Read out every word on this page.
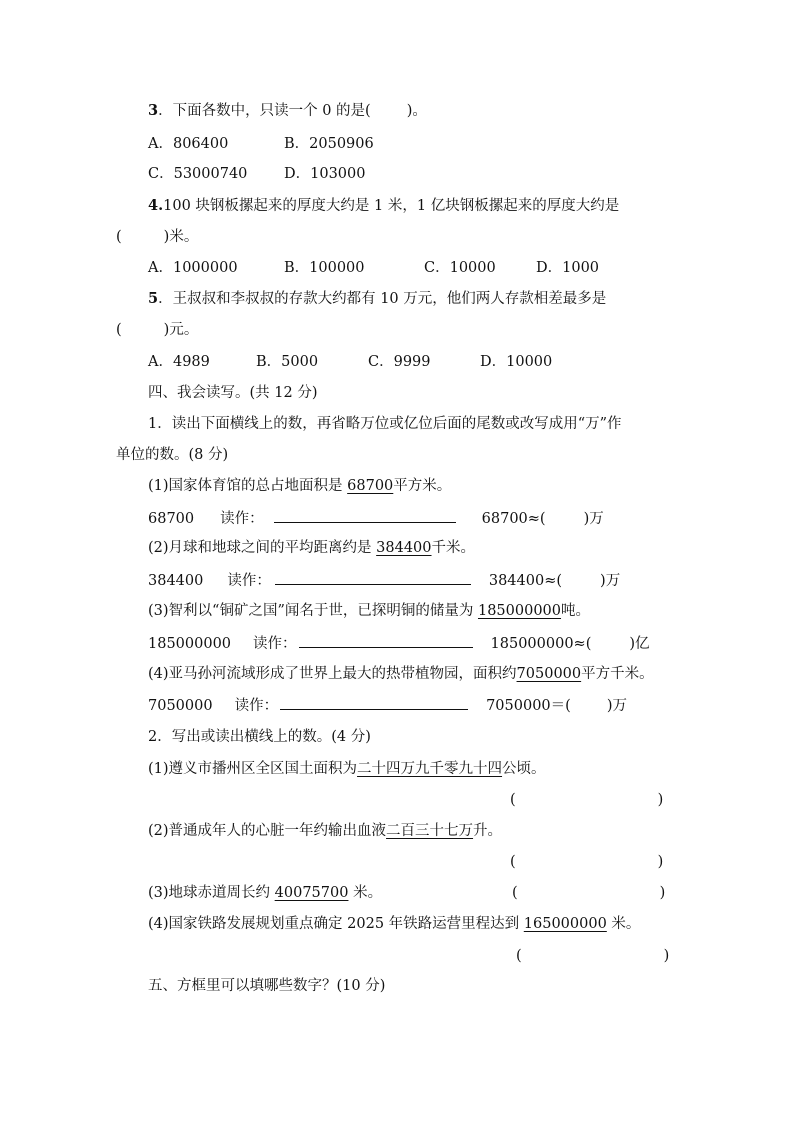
3．下面各数中，只读一个 0 的是( )。
A．806400	B．2050906
C．53000740	D．103000
4.100 块钢板摞起来的厚度大约是 1 米，1 亿块钢板摞起来的厚度大约是
(	)米。
A．1000000	B．100000	C．10000	D．1000
5．王叔叔和李叔叔的存款大约都有 10 万元，他们两人存款相差最多是
(	)元。
A．4989	B．5000	C．9999	D．10000
四、我会读写。(共 12 分)
1．读出下面横线上的数，再省略万位或亿位后面的尾数或改写成用“万”作
单位的数。(8 分)
(1)国家体育馆的总占地面积是 68700平方米。
68700 读作：	68700≈(	)万
(2)月球和地球之间的平均距离约是 384400千米。
384400 读作：	384400≈(	)万
(3)智利以“铜矿之国”闻名于世，已探明铜的储量为 185000000吨。
185000000 读作：	185000000≈(	)亿
(4)亚马孙河流域形成了世界上最大的热带植物园，面积约7050000平方千米。
7050000 读作：	7050000＝( )万
2．写出或读出横线上的数。(4 分)
(1)遵义市播州区全区国土面积为二十四万九千零九十四公顷。
(	)
(2)普通成年人的心脏一年约输出血液二百三十七万升。
(	)
(3)地球赤道周长约 40075700 米。	(	)
(4)国家铁路发展规划重点确定 2025 年铁路运营里程达到 165000000 米。
(	)
五、方框里可以填哪些数字？(10 分)
